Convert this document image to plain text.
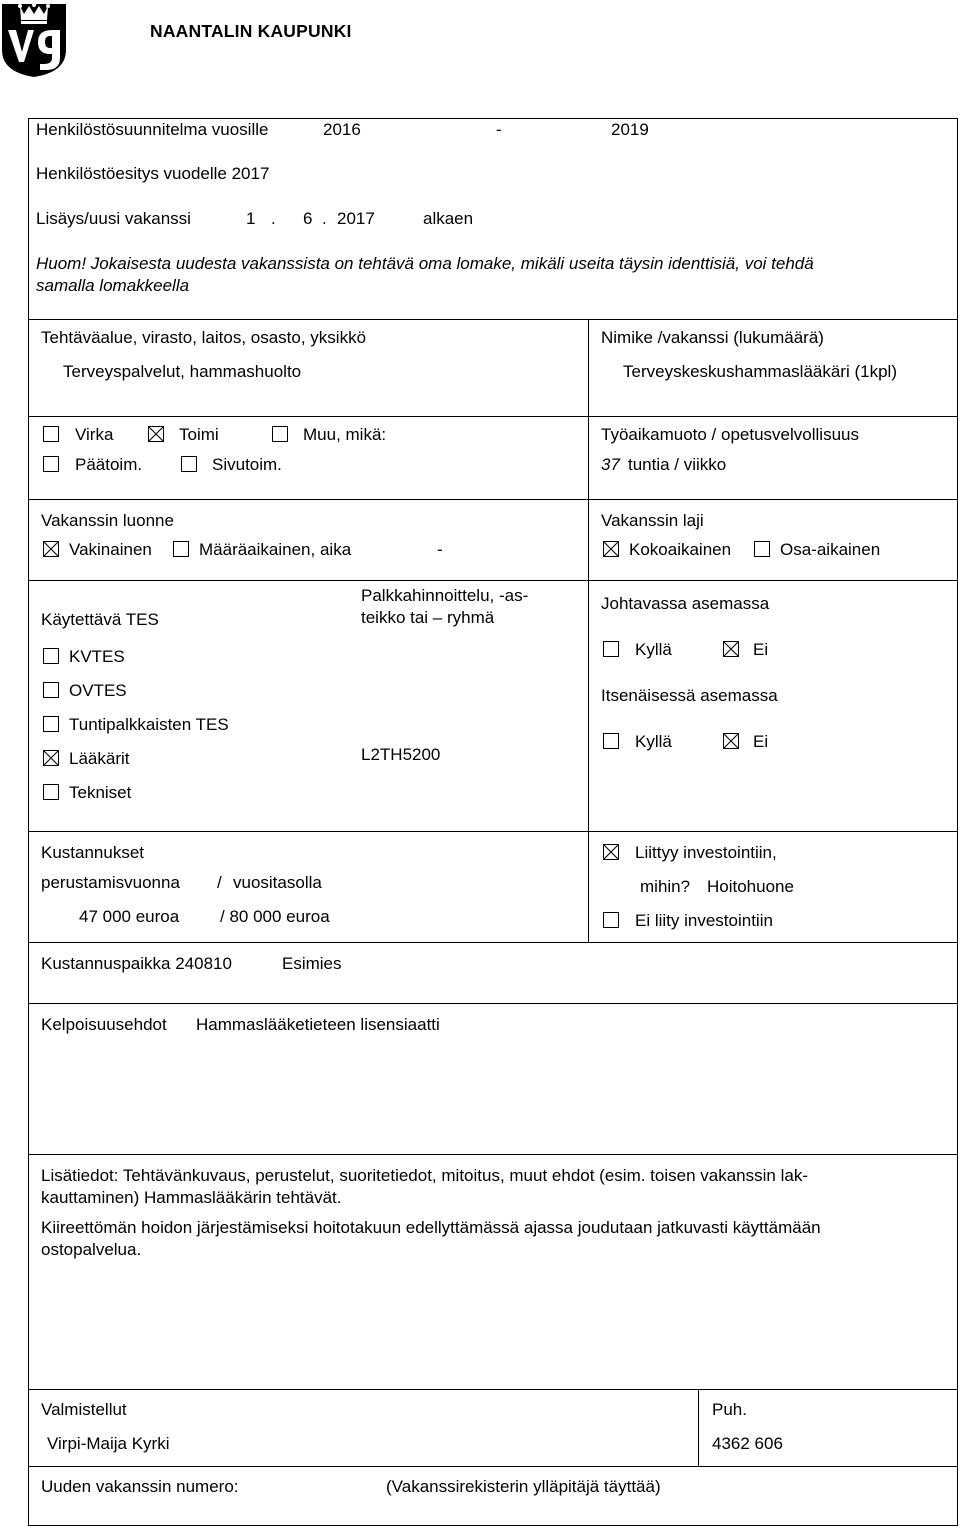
NAANTALIN KAUPUNKI
Henkilöstösuunnitelma vuosille	2016	-	2019
Henkilöstöesitys vuodelle 2017
Lisäys/uusi vakanssi	1 . 6 . 2017	alkaen
Huom! Jokaisesta uudesta vakanssista on tehtävä oma lomake, mikäli useita täysin identtisiä, voi tehdä
samalla lomakkeella
Tehtäväalue, virasto, laitos, osasto, yksikkö
Terveyspalvelut, hammashuolto
Nimike /vakanssi (lukumäärä)
Terveyskeskushammaslääkäri (1kpl)
Virka	Toimi	Muu, mikä:
Päätoim.	Sivutoim.
Työaikamuoto / opetusvelvollisuus
37 tuntia / viikko
Vakanssin luonne
Vakinainen	Määräaikainen, aika	-
Vakanssin laji
Kokoaikainen	Osa-aikainen
Käytettävä TES
KVTES
OVTES
Tuntipalkkaisten TES
Lääkärit
Tekniset
Palkkahinnoittelu, -as-
teikko tai – ryhmä
L2TH5200
Johtavassa asemassa
Kyllä	Ei
Itsenäisessä asemassa
Kyllä	Ei
Kustannukset
perustamisvuonna / vuositasolla
47 000 euroa / 80 000 euroa
Liittyy investointiin,
mihin? Hoitohuone
Ei liity investointiin
Kustannuspaikka 240810	Esimies
Kelpoisuusehdot Hammaslääketieteen lisensiaatti
Lisätiedot: Tehtävänkuvaus, perustelut, suoritetiedot, mitoitus, muut ehdot (esim. toisen vakanssin lak-
kauttaminen) Hammaslääkärin tehtävät.
Kiireettömän hoidon järjestämiseksi hoitotakuun edellyttämässä ajassa joudutaan jatkuvasti käyttämään
ostopalvelua.
Valmistellut
Virpi-Maija Kyrki
Puh.
4362 606
Uuden vakanssin numero:	(Vakanssirekisterin ylläpitäjä täyttää)
